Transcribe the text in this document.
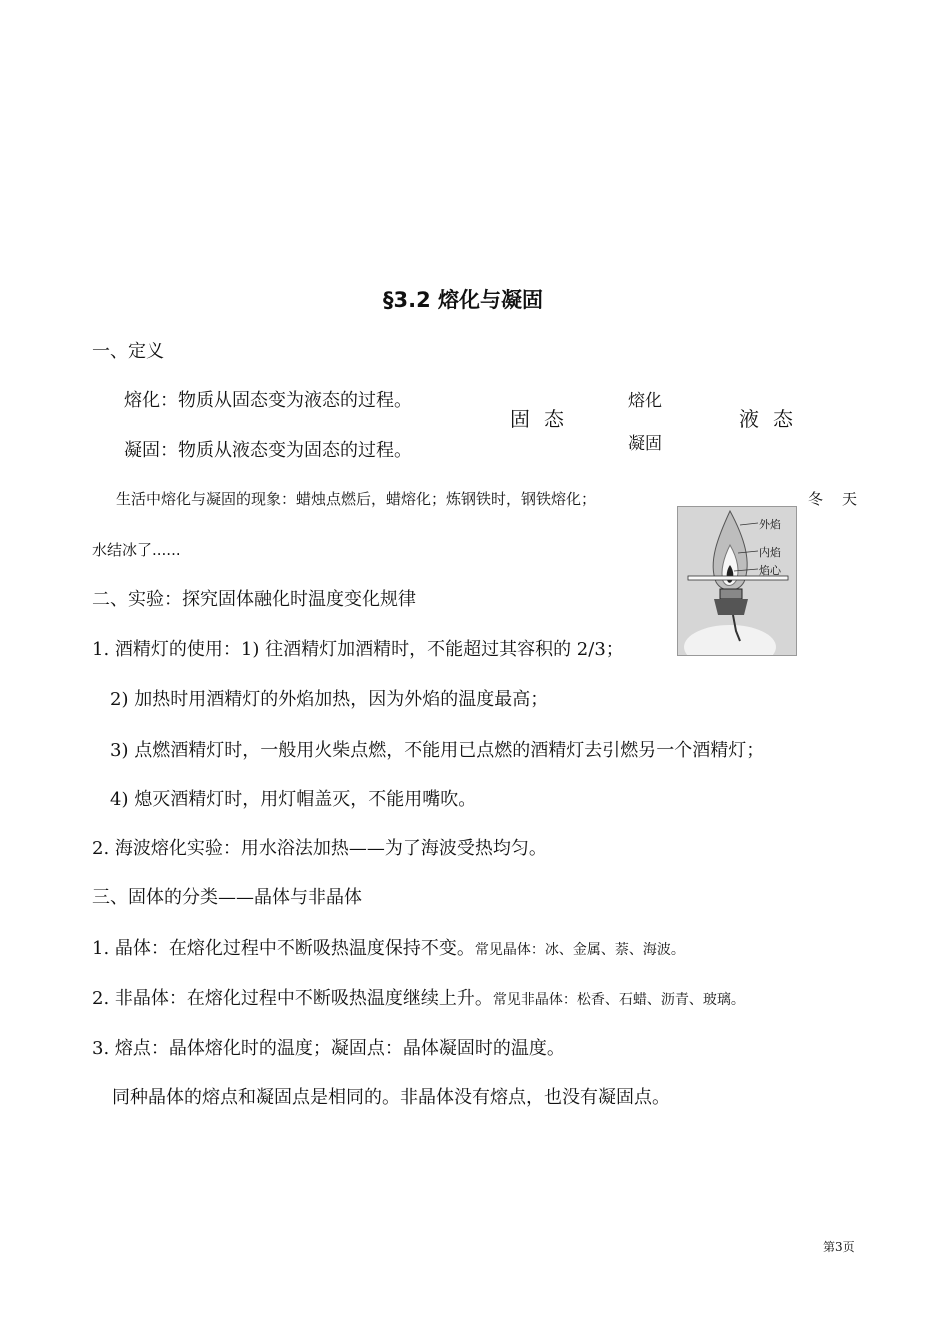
§3.2 熔化与凝固
一、定义
熔化：物质从固态变为液态的过程。
凝固：物质从液态变为固态的过程。
固态
熔化
凝固
液态
生活中熔化与凝固的现象：蜡烛点燃后，蜡熔化；炼钢铁时，钢铁熔化；	冬 天
水结冰了......
外焰
内焰
焰心
二、实验：探究固体融化时温度变化规律
1. 酒精灯的使用：1) 往酒精灯加酒精时，不能超过其容积的 2/3；
2) 加热时用酒精灯的外焰加热，因为外焰的温度最高；
3) 点燃酒精灯时，一般用火柴点燃，不能用已点燃的酒精灯去引燃另一个酒精灯；
4) 熄灭酒精灯时，用灯帽盖灭，不能用嘴吹。
2. 海波熔化实验：用水浴法加热——为了海波受热均匀。
三、固体的分类——晶体与非晶体
1. 晶体：在熔化过程中不断吸热温度保持不变。常见晶体：冰、金属、萘、海波。
2. 非晶体：在熔化过程中不断吸热温度继续上升。常见非晶体：松香、石蜡、沥青、玻璃。
3. 熔点：晶体熔化时的温度；凝固点：晶体凝固时的温度。
同种晶体的熔点和凝固点是相同的。非晶体没有熔点，也没有凝固点。
第3页
